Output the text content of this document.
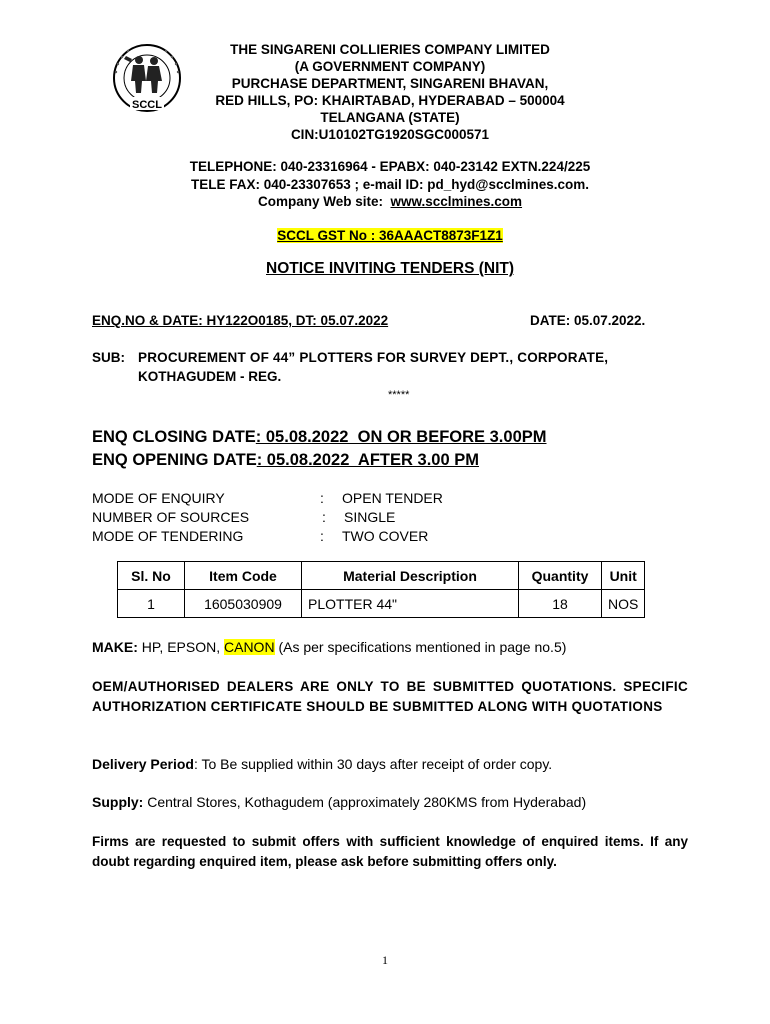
SCCL
THE SINGARENI COLLIERIES COMPANY LIMITED
(A GOVERNMENT COMPANY)
PURCHASE DEPARTMENT, SINGARENI BHAVAN,
RED HILLS, PO: KHAIRTABAD, HYDERABAD – 500004
TELANGANA (STATE)
CIN:U10102TG1920SGC000571
TELEPHONE: 040-23316964 - EPABX: 040-23142 EXTN.224/225
TELE FAX: 040-23307653 ; e-mail ID: pd_hyd@scclmines.com.
Company Web site:  www.scclmines.com
SCCL GST No : 36AAACT8873F1Z1
NOTICE INVITING TENDERS (NIT)
ENQ.NO & DATE: HY122O0185, DT: 05.07.2022	DATE: 05.07.2022.
SUB: PROCUREMENT OF 44” PLOTTERS FOR SURVEY DEPT., CORPORATE,
KOTHAGUDEM - REG.
*****
ENQ CLOSING DATE: 05.08.2022  ON OR BEFORE 3.00PM
ENQ OPENING DATE: 05.08.2022  AFTER 3.00 PM
MODE OF ENQUIRY	: OPEN TENDER
NUMBER OF SOURCES	: SINGLE
MODE OF TENDERING	: TWO COVER
Sl. No	Item Code	Material Description	Quantity	Unit
1	1605030909	PLOTTER 44"	18	NOS
MAKE: HP, EPSON, CANON (As per specifications mentioned in page no.5)
OEM/AUTHORISED DEALERS ARE ONLY TO BE SUBMITTED QUOTATIONS. SPECIFIC AUTHORIZATION CERTIFICATE SHOULD BE SUBMITTED ALONG WITH QUOTATIONS
Delivery Period: To Be supplied within 30 days after receipt of order copy.
Supply: Central Stores, Kothagudem (approximately 280KMS from Hyderabad)
Firms are requested to submit offers with sufficient knowledge of enquired items. If any doubt regarding enquired item, please ask before submitting offers only.
1
